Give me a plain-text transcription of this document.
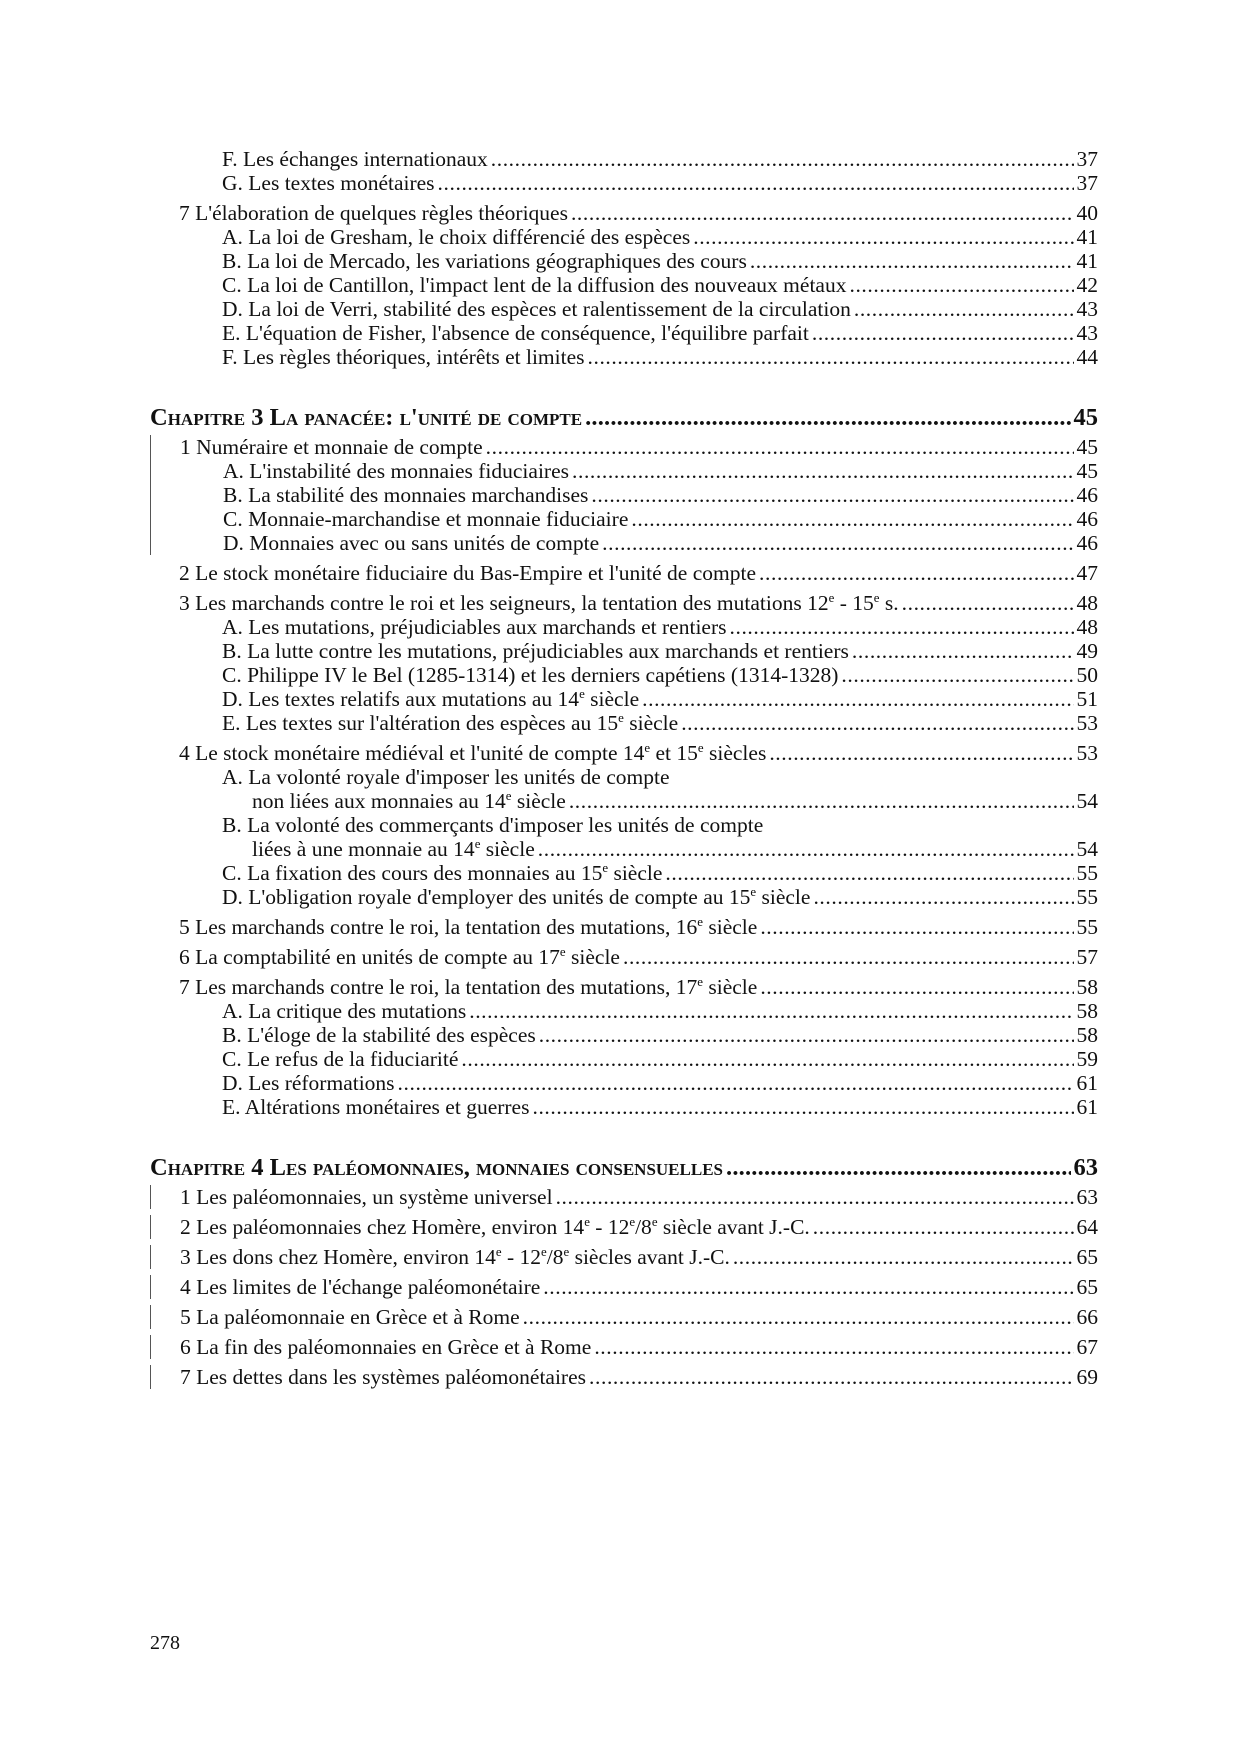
F. Les échanges internationaux .....	37
G. Les textes monétaires .....	37
7 L'élaboration de quelques règles théoriques .....	40
A. La loi de Gresham, le choix différencié des espèces .....	41
B. La loi de Mercado, les variations géographiques des cours .....	41
C. La loi de Cantillon, l'impact lent de la diffusion des nouveaux métaux .....	42
D. La loi de Verri, stabilité des espèces et ralentissement de la circulation .....	43
E. L'équation de Fisher, l'absence de conséquence, l'équilibre parfait .....	43
F. Les règles théoriques, intérêts et limites .....	44
Chapitre 3 La panacée: l'unité de compte .....	45
1 Numéraire et monnaie de compte .....	45
A. L'instabilité des monnaies fiduciaires .....	45
B. La stabilité des monnaies marchandises .....	46
C. Monnaie-marchandise et monnaie fiduciaire .....	46
D. Monnaies avec ou sans unités de compte .....	46
2 Le stock monétaire fiduciaire du Bas-Empire et l'unité de compte .....	47
3 Les marchands contre le roi et les seigneurs, la tentation des mutations 12e - 15e s. .....	48
A. Les mutations, préjudiciables aux marchands et rentiers .....	48
B. La lutte contre les mutations, préjudiciables aux marchands et rentiers .....	49
C. Philippe IV le Bel (1285-1314) et les derniers capétiens (1314-1328) .....	50
D. Les textes relatifs aux mutations au 14e siècle .....	51
E. Les textes sur l'altération des espèces au 15e siècle .....	53
4 Le stock monétaire médiéval et l'unité de compte 14e et 15e siècles .....	53
A. La volonté royale d'imposer les unités de compte
non liées aux monnaies au 14e siècle .....	54
B. La volonté des commerçants d'imposer les unités de compte
liées à une monnaie au 14e siècle .....	54
C. La fixation des cours des monnaies au 15e siècle .....	55
D. L'obligation royale d'employer des unités de compte au 15e siècle .....	55
5 Les marchands contre le roi, la tentation des mutations, 16e siècle .....	55
6 La comptabilité en unités de compte au 17e siècle .....	57
7 Les marchands contre le roi, la tentation des mutations, 17e siècle .....	58
A. La critique des mutations .....	58
B. L'éloge de la stabilité des espèces .....	58
C. Le refus de la fiduciarité .....	59
D. Les réformations .....	61
E. Altérations monétaires et guerres .....	61
Chapitre 4 Les paléomonnaies, monnaies consensuelles .....	63
1 Les paléomonnaies, un système universel .....	63
2 Les paléomonnaies chez Homère, environ 14e - 12e/8e siècle avant J.-C. .....	64
3 Les dons chez Homère, environ 14e - 12e/8e siècles avant J.-C. .....	65
4 Les limites de l'échange paléomonétaire .....	65
5 La paléomonnaie en Grèce et à Rome .....	66
6 La fin des paléomonnaies en Grèce et à Rome .....	67
7 Les dettes dans les systèmes paléomonétaires .....	69
278
